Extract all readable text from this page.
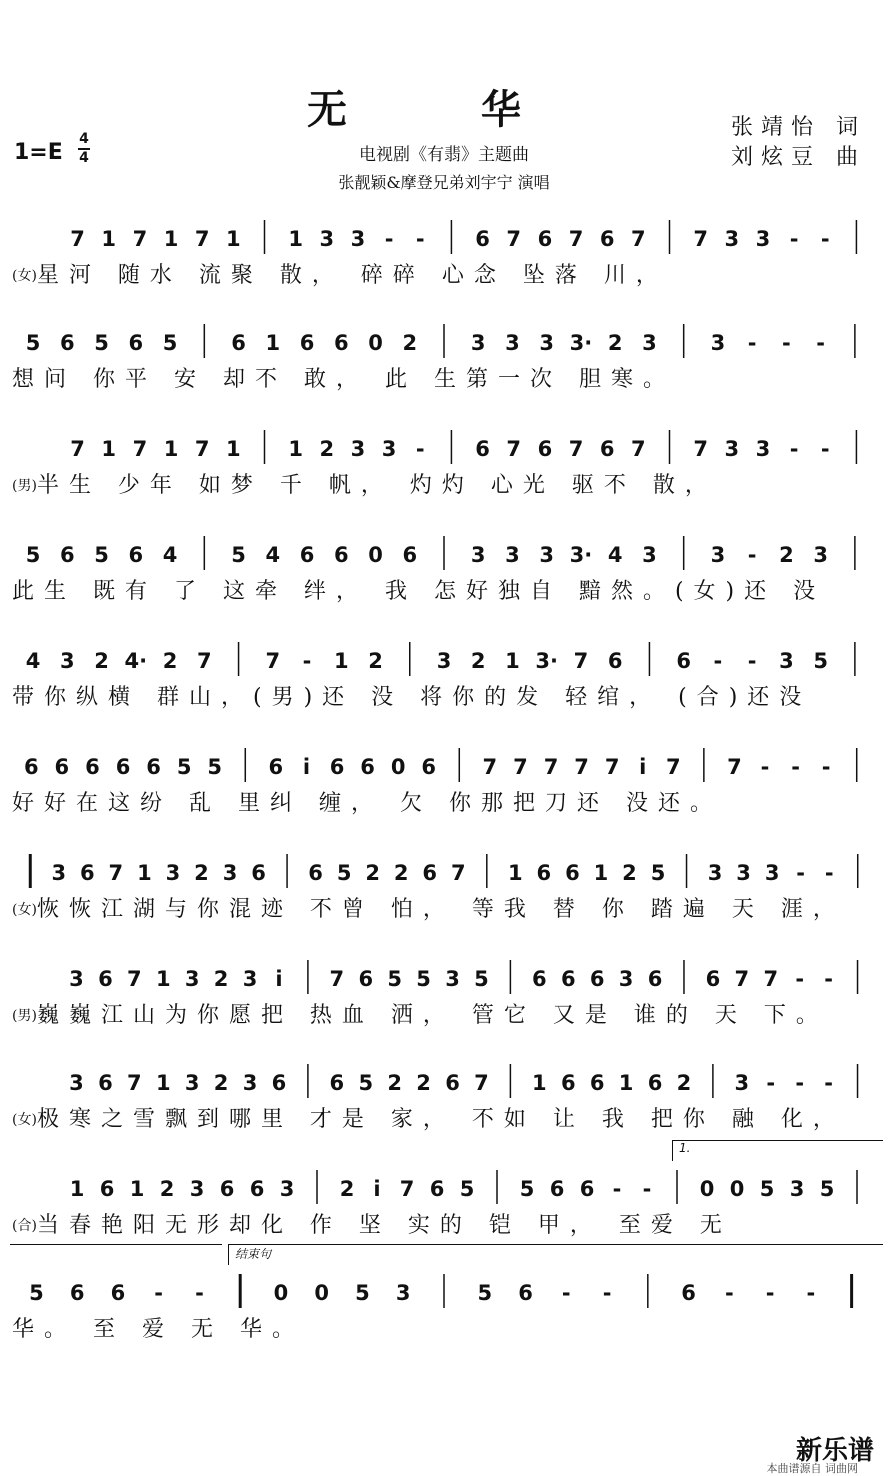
无 华
电视剧《有翡》主题曲
张靓颖&摩登兄弟刘宇宁 演唱
张靖怡 词
刘炫豆 曲
1=E
4
4
7 1 7 1 7 1 1 3 3 - - 6 7 6 7 6 7 7 3 3 - -
(女)星河 随水 流聚 散， 碎碎 心念 坠落 川，
5 6 5 6 5	6 1 6 6 0 2	3 3 3 3· 2 3	3 - - -
想问 你平 安 却不 敢， 此 生第一次 胆寒。
7 1 7 1 7 1 1 2 3 3 - 6 7 6 7 6 7 7 3 3 - -
(男)半生 少年 如梦 千 帆， 灼灼 心光 驱不 散，
5 6 5 6 4	5 4 6 6 0 6	3 3 3 3· 4 3	3 - 2 3
此生 既有 了 这牵 绊， 我 怎好独自 黯然。(女)还 没
4 3 2 4· 2 7	7 - 1 2	3 2 1 3· 7 6	6 - - 3 5
带你纵横 群山，(男)还 没 将你的发 轻绾， (合)还没
6 6 6 6 6 5 5 6 i 6 6 0 6 7 7 7 7 7 i 7 7 - - -
好好在这纷 乱 里纠 缠， 欠 你那把刀还 没还。
3 6 7 1 3 2 3 6 6 5 2 2 6 7 1 6 6 1 2 5 3 3 3 - -
(女)恢恢江湖与你混迹 不曾 怕， 等我 替 你 踏遍 天 涯，
3 6 7 1 3 2 3 i 7 6 5 5 3 5 6 6 6 3 6 6 7 7 - -
(男)巍巍江山为你愿把 热血 洒， 管它 又是 谁的 天 下。
3 6 7 1 3 2 3 6 6 5 2 2 6 7 1 6 6 1 6 2 3 - - -
(女)极寒之雪飘到哪里 才是 家， 不如 让 我 把你 融 化，
1 6 1 2 3 6 6 3 2 i 7 6 5 5 6 6 - - 0 0 5 3 5
(合)当春艳阳无形却化 作 坚 实的 铠 甲， 至爱 无
5 6 6 - -	0 0 5 3	5 6 - -	6 - - -
华。 至 爱 无 华。
新乐谱
本曲谱源自 词曲网
1.
结束句
